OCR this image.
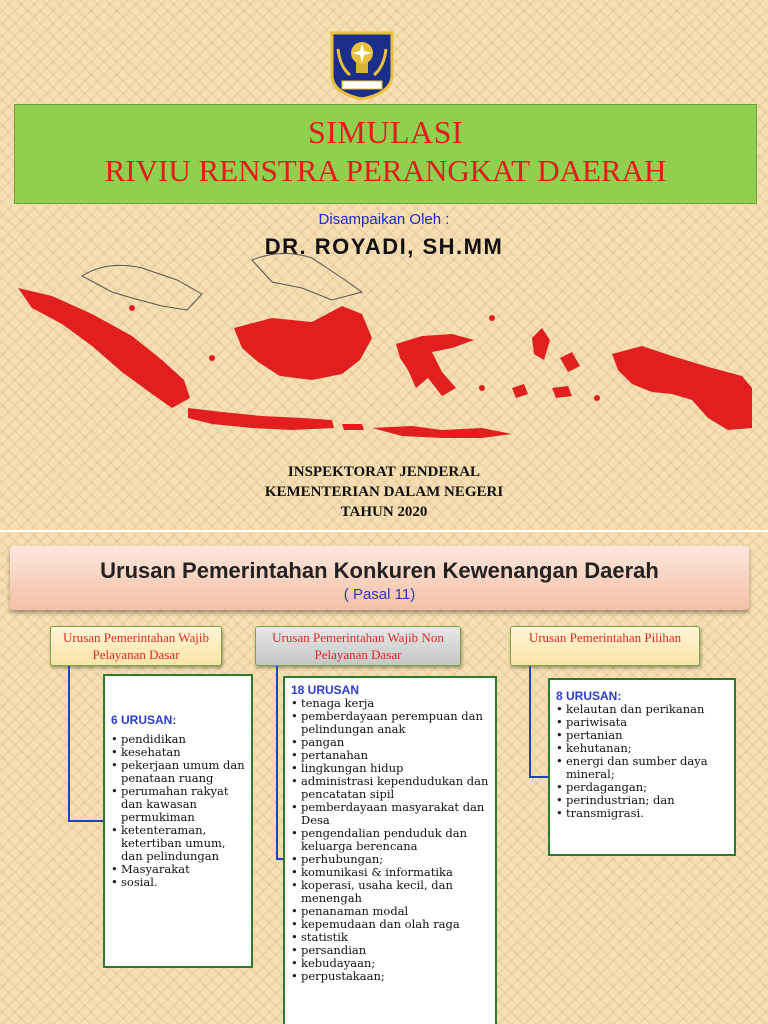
SIMULASI
RIVIU RENSTRA PERANGKAT DAERAH
Disampaikan Oleh :
DR. ROYADI, SH.MM
INSPEKTORAT JENDERAL
KEMENTERIAN DALAM NEGERI
TAHUN 2020
Urusan Pemerintahan Konkuren Kewenangan Daerah
( Pasal 11)
Urusan Pemerintahan Wajib Pelayanan Dasar
Urusan Pemerintahan Wajib Non Pelayanan Dasar
Urusan Pemerintahan Pilihan
6 URUSAN:
• pendidikan
• kesehatan
• pekerjaan umum dan penataan ruang
• perumahan rakyat dan kawasan permukiman
• ketenteraman, ketertiban umum, dan pelindungan
• Masyarakat
• sosial.
18 URUSAN
• tenaga kerja
• pemberdayaan perempuan dan pelindungan anak
• pangan
• pertanahan
• lingkungan hidup
• administrasi kependudukan dan pencatatan sipil
• pemberdayaan masyarakat dan Desa
• pengendalian penduduk dan keluarga berencana
• perhubungan;
• komunikasi & informatika
• koperasi, usaha kecil, dan menengah
• penanaman modal
• kepemudaan dan olah raga
• statistik
• persandian
• kebudayaan;
• perpustakaan;
8 URUSAN:
• kelautan dan perikanan
• pariwisata
• pertanian
• kehutanan;
• energi dan sumber daya mineral;
• perdagangan;
• perindustrian; dan
• transmigrasi.
